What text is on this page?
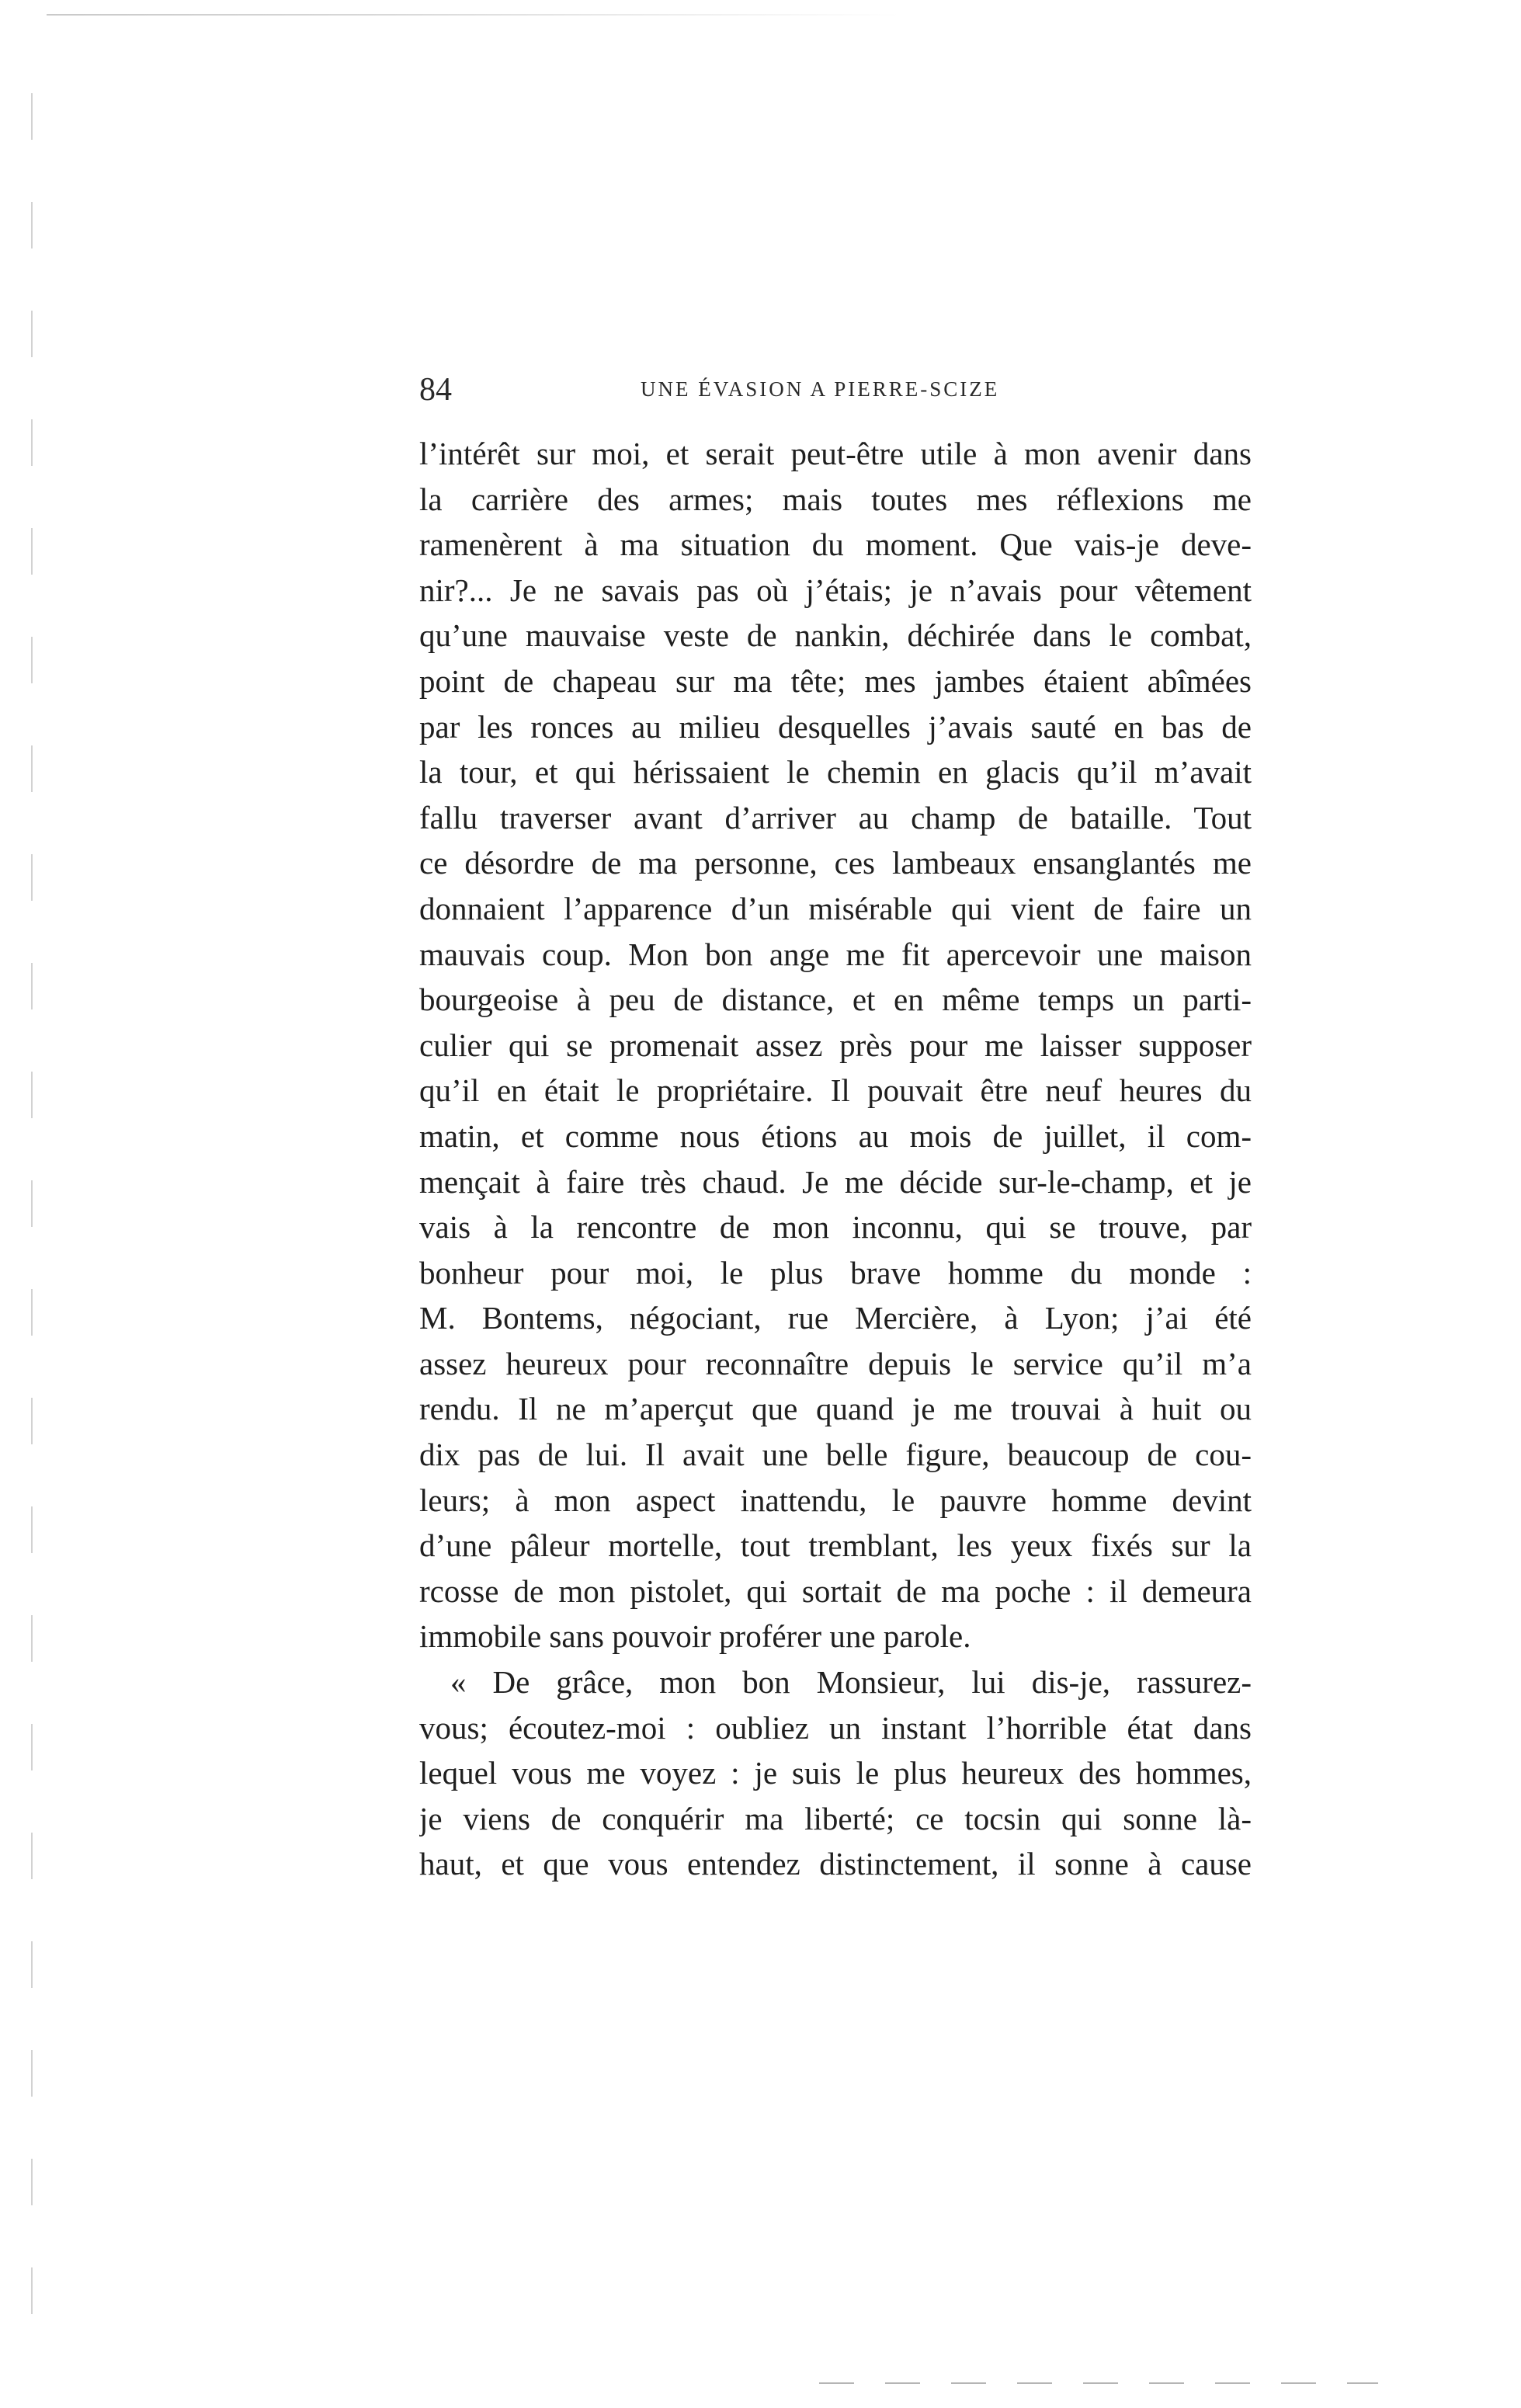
84	UNE ÉVASION A PIERRE-SCIZE
l’intérêt sur moi, et serait peut-être utile à mon avenir dans
la carrière des armes; mais toutes mes réflexions me
ramenèrent à ma situation du moment. Que vais-je deve-
nir?... Je ne savais pas où j’étais; je n’avais pour vêtement
qu’une mauvaise veste de nankin, déchirée dans le combat,
point de chapeau sur ma tête; mes jambes étaient abîmées
par les ronces au milieu desquelles j’avais sauté en bas de
la tour, et qui hérissaient le chemin en glacis qu’il m’avait
fallu traverser avant d’arriver au champ de bataille. Tout
ce désordre de ma personne, ces lambeaux ensanglantés me
donnaient l’apparence d’un misérable qui vient de faire un
mauvais coup. Mon bon ange me fit apercevoir une maison
bourgeoise à peu de distance, et en même temps un parti-
culier qui se promenait assez près pour me laisser supposer
qu’il en était le propriétaire. Il pouvait être neuf heures du
matin, et comme nous étions au mois de juillet, il com-
mençait à faire très chaud. Je me décide sur-le-champ, et je
vais à la rencontre de mon inconnu, qui se trouve, par
bonheur pour moi, le plus brave homme du monde :
M. Bontems, négociant, rue Mercière, à Lyon; j’ai été
assez heureux pour reconnaître depuis le service qu’il m’a
rendu. Il ne m’aperçut que quand je me trouvai à huit ou
dix pas de lui. Il avait une belle figure, beaucoup de cou-
leurs; à mon aspect inattendu, le pauvre homme devint
d’une pâleur mortelle, tout tremblant, les yeux fixés sur la
rcosse de mon pistolet, qui sortait de ma poche : il demeura
immobile sans pouvoir proférer une parole.
« De grâce, mon bon Monsieur, lui dis-je, rassurez-
vous; écoutez-moi : oubliez un instant l’horrible état dans
lequel vous me voyez : je suis le plus heureux des hommes,
je viens de conquérir ma liberté; ce tocsin qui sonne là-
haut, et que vous entendez distinctement, il sonne à cause
